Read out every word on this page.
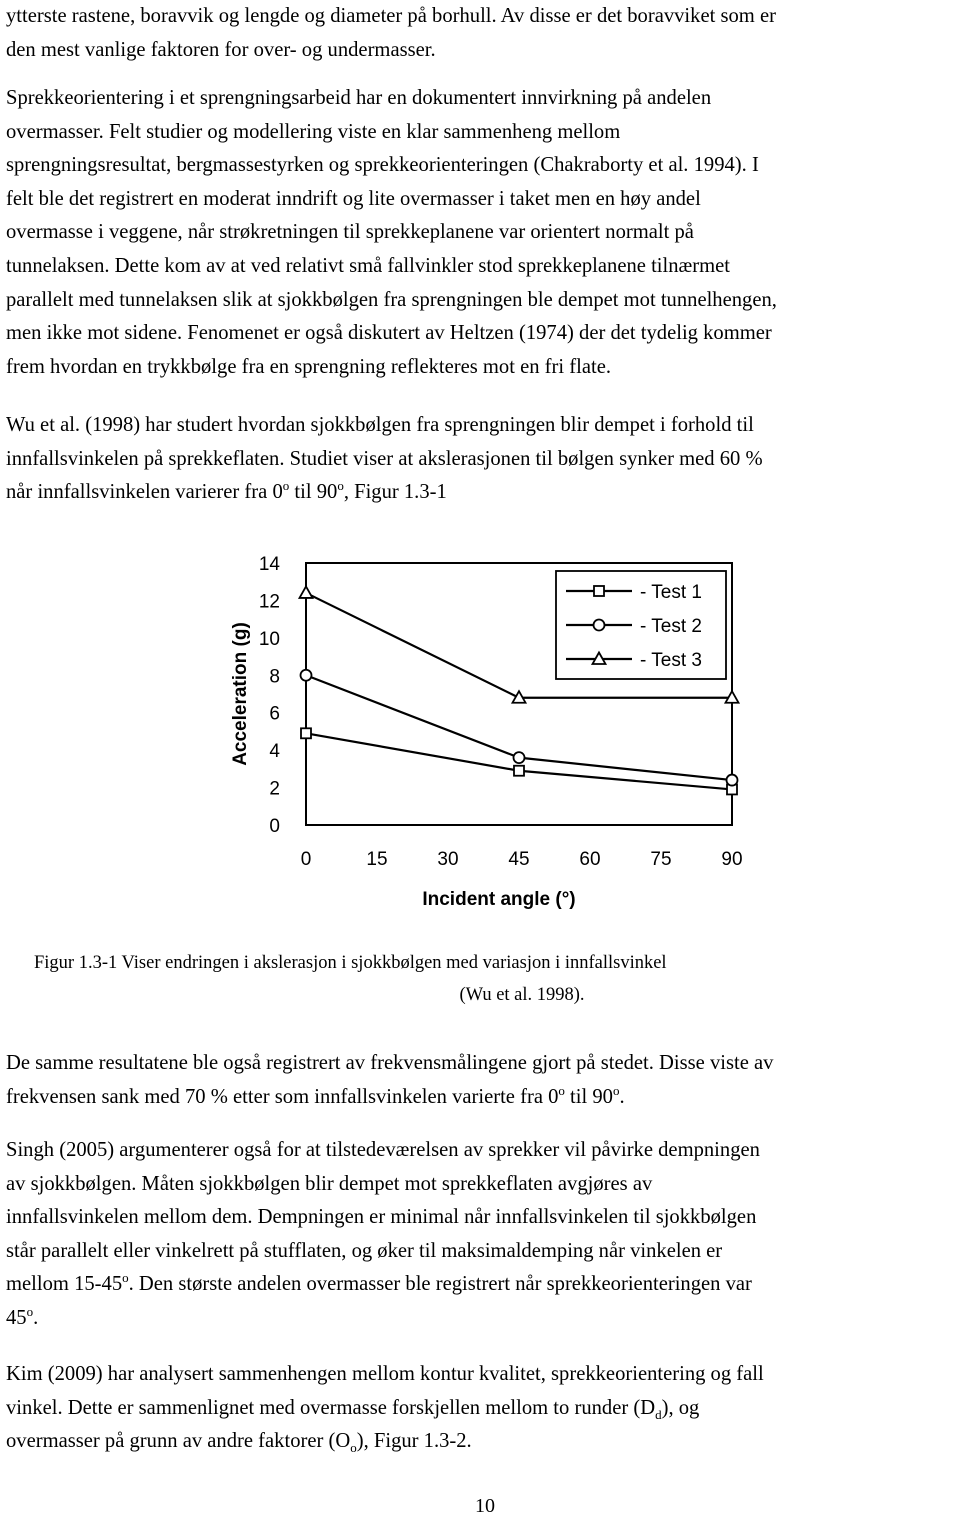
ytterste rastene, boravvik og lengde og diameter på borhull. Av disse er det boravviket som er
den mest vanlige faktoren for over- og undermasser.
Sprekkeorientering i et sprengningsarbeid har en dokumentert innvirkning på andelen
overmasser. Felt studier og modellering viste en klar sammenheng mellom
sprengningsresultat, bergmassestyrken og sprekkeorienteringen (Chakraborty et al. 1994). I
felt ble det registrert en moderat inndrift og lite overmasser i taket men en høy andel
overmasse i veggene, når strøkretningen til sprekkeplanene var orientert normalt på
tunnelaksen. Dette kom av at ved relativt små fallvinkler stod sprekkeplanene tilnærmet
parallelt med tunnelaksen slik at sjokkbølgen fra sprengningen ble dempet mot tunnelhengen,
men ikke mot sidene. Fenomenet er også diskutert av Heltzen (1974) der det tydelig kommer
frem hvordan en trykkbølge fra en sprengning reflekteres mot en fri flate.
Wu et al. (1998) har studert hvordan sjokkbølgen fra sprengningen blir dempet i forhold til
innfallsvinkelen på sprekkeflaten. Studiet viser at akslerasjonen til bølgen synker med 60 %
når innfallsvinkelen varierer fra 0$^o$ til 90$^o$, Figur 1.3-1
0
2
4
6
8
10
12
14
0	15	30	45	60	75	90
Acceleration (g)
Incident angle (°)
- Test 1
- Test 2
- Test 3
Figur 1.3-1 Viser endringen i akslerasjon i sjokkbølgen med variasjon i innfallsvinkel
(Wu et al. 1998).
De samme resultatene ble også registrert av frekvensmålingene gjort på stedet. Disse viste av
frekvensen sank med 70 % etter som innfallsvinkelen varierte fra 0$^o$ til 90$^o$.
Singh (2005) argumenterer også for at tilstedeværelsen av sprekker vil påvirke dempningen
av sjokkbølgen. Måten sjokkbølgen blir dempet mot sprekkeflaten avgjøres av
innfallsvinkelen mellom dem. Dempningen er minimal når innfallsvinkelen til sjokkbølgen
står parallelt eller vinkelrett på stufflaten, og øker til maksimaldemping når vinkelen er
mellom 15-45$^o$. Den største andelen overmasser ble registrert når sprekkeorienteringen var
45$^o$.
Kim (2009) har analysert sammenhengen mellom kontur kvalitet, sprekkeorientering og fall
vinkel. Dette er sammenlignet med overmasse forskjellen mellom to runder $(D_d)$, og
overmasser på grunn av andre faktorer $(O_o)$, Figur 1.3-2.
10
